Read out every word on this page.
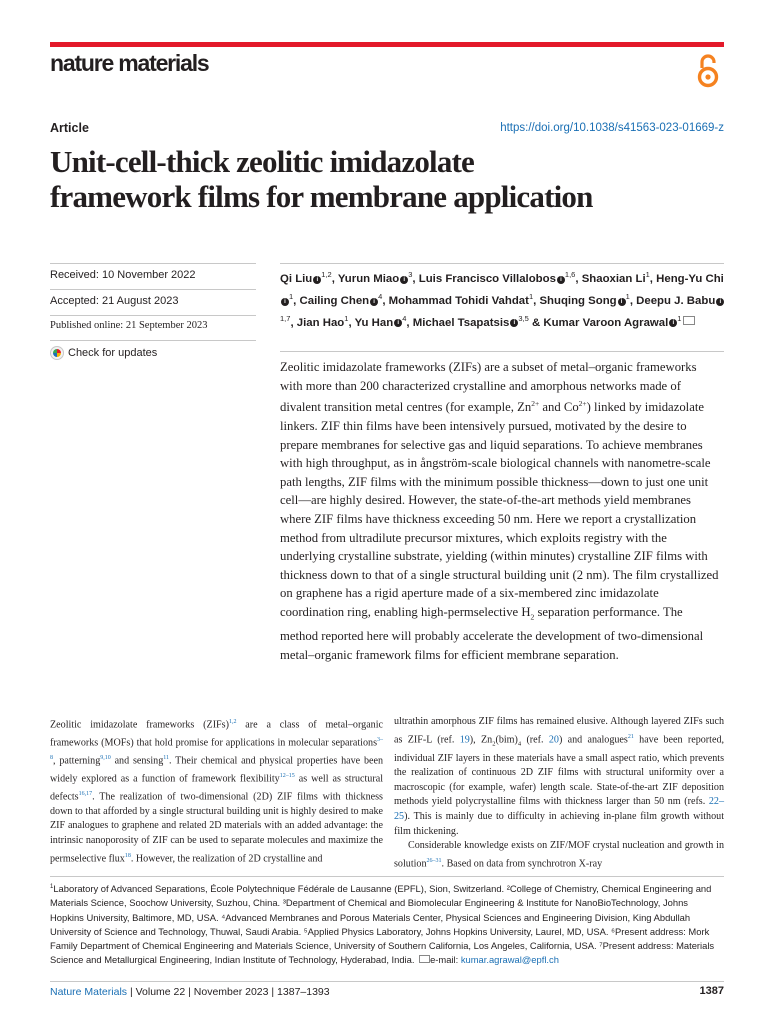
nature materials
Article	https://doi.org/10.1038/s41563-023-01669-z
Unit-cell-thick zeolitic imidazolate
framework films for membrane application
Received: 10 November 2022
Accepted: 21 August 2023
Published online: 21 September 2023
Check for updates

Qi Liu $i^{1,2}$, Yurun Miao $i^3$, Luis Francisco Villalobos $i^{1,6}$, Shaoxian Li$^1$, Heng-Yu Chii$^1$, Cailing Chen $i^4$, Mohammad Tohidi Vahdat$^1$, Shuqing Song $i^1$, Deepu J. Babu $i^{1,7}$, Jian Hao$^1$, Yu Han $i^4$, Michael Tsapatsis $i^{3,5}$ & Kumar Varoon Agrawal $i^1$

Zeolitic imidazolate frameworks (ZIFs) are a subset of metal–organic frameworks with more than 200 characterized crystalline and amorphous networks made of divalent transition metal centres (for example, $Zn^{2+}$ and $Co^{2+}$) linked by imidazolate linkers. ZIF thin films have been intensively pursued, motivated by the desire to prepare membranes for selective gas and liquid separations. To achieve membranes with high throughput, as in ångström-scale biological channels with nanometre-scale path lengths, ZIF films with the minimum possible thickness—down to just one unit cell—are highly desired. However, the state-of-the-art methods yield membranes where ZIF films have thickness exceeding 50 nm. Here we report a crystallization method from ultradilute precursor mixtures, which exploits registry with the underlying crystalline substrate, yielding (within minutes) crystalline ZIF films with thickness down to that of a single structural building unit (2 nm). The film crystallized on graphene has a rigid aperture made of a six-membered zinc imidazolate coordination ring, enabling high-permselective $H_2$ separation performance. The method reported here will probably accelerate the development of two-dimensional metal–organic framework films for efficient membrane separation.

Zeolitic imidazolate frameworks (ZIFs)$^{1,2}$ are a class of metal–organic frameworks (MOFs) that hold promise for applications in molecular separations$^{3-8}$, patterning$^{9,10}$ and sensing$^{11}$. Their chemical and physical properties have been widely explored as a function of framework flexibility$^{12-15}$ as well as structural defects$^{16,17}$. The realization of two-dimensional (2D) ZIF films with thickness down to that afforded by a single structural building unit is highly desired to make ZIF analogues to graphene and related 2D materials with an added advantage: the intrinsic nanoporosity of ZIF can be used to separate molecules and maximize the permselective flux$^{18}$. However, the realization of 2D crystalline and

ultrathin amorphous ZIF films has remained elusive. Although layered ZIFs such as ZIF-L (ref. 19), $Zn_2(bim)_4$ (ref. 20) and analogues$^{21}$ have been reported, individual ZIF layers in these materials have a small aspect ratio, which prevents the realization of continuous 2D ZIF films with structural uniformity over a macroscopic (for example, wafer) length scale. State-of-the-art ZIF deposition methods yield polycrystalline films with thickness larger than 50 nm (refs. 22–25). This is mainly due to difficulty in achieving in-plane film growth without film thickening.
Considerable knowledge exists on ZIF/MOF crystal nucleation and growth in solution$^{26-31}$. Based on data from synchrotron X-ray

$^1$Laboratory of Advanced Separations, École Polytechnique Fédérale de Lausanne (EPFL), Sion, Switzerland. ²College of Chemistry, Chemical Engineering and Materials Science, Soochow University, Suzhou, China. ³Department of Chemical and Biomolecular Engineering & Institute for NanoBioTechnology, Johns Hopkins University, Baltimore, MD, USA. ⁴Advanced Membranes and Porous Materials Center, Physical Sciences and Engineering Division, King Abdullah University of Science and Technology, Thuwal, Saudi Arabia. ⁵Applied Physics Laboratory, Johns Hopkins University, Laurel, MD, USA. ⁶Present address: Mork Family Department of Chemical Engineering and Materials Science, University of Southern California, Los Angeles, California, USA. ⁷Present address: Materials Science and Metallurgical Engineering, Indian Institute of Technology, Hyderabad, India. e-mail: kumar.agrawal@epfl.ch

Nature Materials | Volume 22 | November 2023 | 1387–1393	1387
